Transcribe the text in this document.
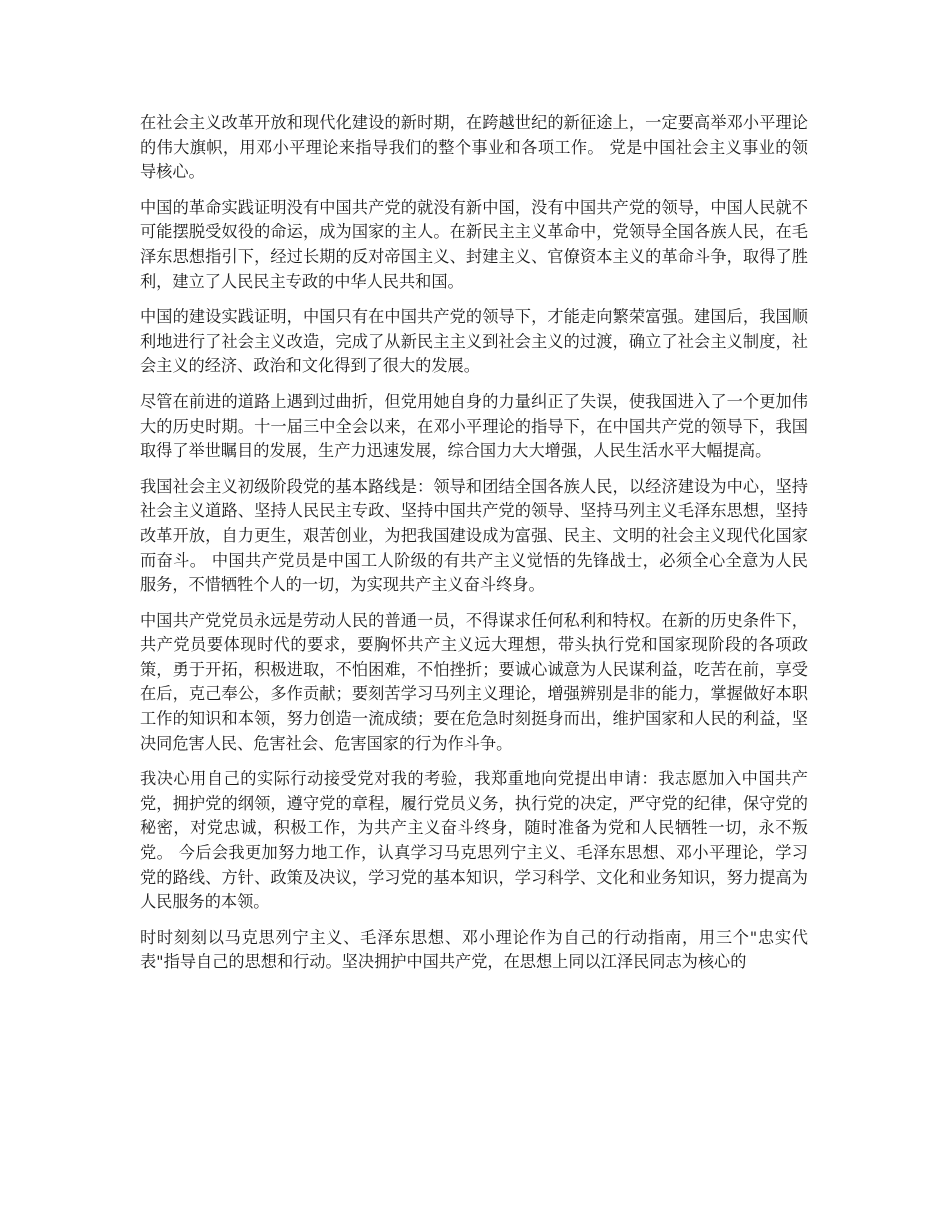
在社会主义改革开放和现代化建设的新时期，在跨越世纪的新征途上，一定要高举邓小平理论的伟大旗帜，用邓小平理论来指导我们的整个事业和各项工作。 党是中国社会主义事业的领导核心。

中国的革命实践证明没有中国共产党的就没有新中国，没有中国共产党的领导，中国人民就不可能摆脱受奴役的命运，成为国家的主人。在新民主主义革命中，党领导全国各族人民，在毛泽东思想指引下，经过长期的反对帝国主义、封建主义、官僚资本主义的革命斗争，取得了胜利，建立了人民民主专政的中华人民共和国。

中国的建设实践证明，中国只有在中国共产党的领导下，才能走向繁荣富强。建国后，我国顺利地进行了社会主义改造，完成了从新民主主义到社会主义的过渡，确立了社会主义制度，社会主义的经济、政治和文化得到了很大的发展。

尽管在前进的道路上遇到过曲折，但党用她自身的力量纠正了失误，使我国进入了一个更加伟大的历史时期。十一届三中全会以来，在邓小平理论的指导下，在中国共产党的领导下，我国取得了举世瞩目的发展，生产力迅速发展，综合国力大大增强，人民生活水平大幅提高。

我国社会主义初级阶段党的基本路线是：领导和团结全国各族人民，以经济建设为中心，坚持社会主义道路、坚持人民民主专政、坚持中国共产党的领导、坚持马列主义毛泽东思想，坚持改革开放，自力更生，艰苦创业，为把我国建设成为富强、民主、文明的社会主义现代化国家而奋斗。 中国共产党员是中国工人阶级的有共产主义觉悟的先锋战士，必须全心全意为人民服务，不惜牺牲个人的一切，为实现共产主义奋斗终身。

中国共产党党员永远是劳动人民的普通一员，不得谋求任何私利和特权。在新的历史条件下，共产党员要体现时代的要求，要胸怀共产主义远大理想，带头执行党和国家现阶段的各项政策，勇于开拓，积极进取，不怕困难，不怕挫折；要诚心诚意为人民谋利益，吃苦在前，享受在后，克己奉公，多作贡献；要刻苦学习马列主义理论，增强辨别是非的能力，掌握做好本职工作的知识和本领，努力创造一流成绩；要在危急时刻挺身而出，维护国家和人民的利益，坚决同危害人民、危害社会、危害国家的行为作斗争。

我决心用自己的实际行动接受党对我的考验，我郑重地向党提出申请：我志愿加入中国共产党，拥护党的纲领，遵守党的章程，履行党员义务，执行党的决定，严守党的纪律，保守党的秘密，对党忠诚，积极工作，为共产主义奋斗终身，随时准备为党和人民牺牲一切，永不叛党。 今后会我更加努力地工作，认真学习马克思列宁主义、毛泽东思想、邓小平理论，学习党的路线、方针、政策及决议，学习党的基本知识，学习科学、文化和业务知识，努力提高为人民服务的本领。

时时刻刻以马克思列宁主义、毛泽东思想、邓小理论作为自己的行动指南，用三个"忠实代表"指导自己的思想和行动。坚决拥护中国共产党，在思想上同以江泽民同志为核心的
